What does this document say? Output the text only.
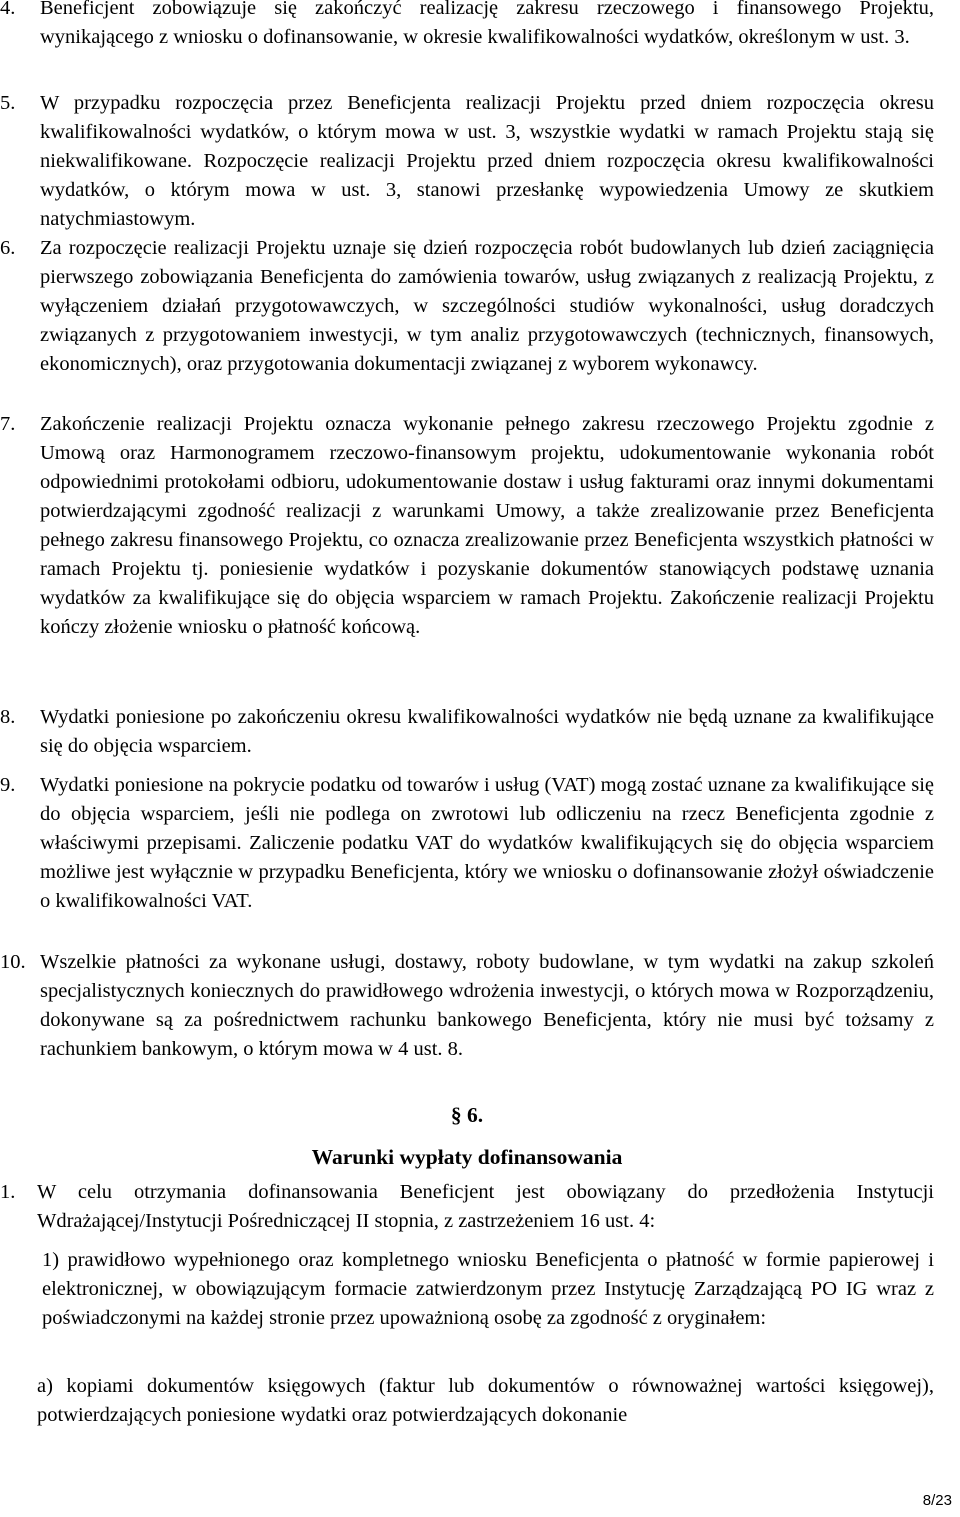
4. Beneficjent zobowiązuje się zakończyć realizację zakresu rzeczowego i finansowego Projektu, wynikającego z wniosku o dofinansowanie, w okresie kwalifikowalności wydatków, określonym w ust. 3.
5. W przypadku rozpoczęcia przez Beneficjenta realizacji Projektu przed dniem rozpoczęcia okresu kwalifikowalności wydatków, o którym mowa w ust. 3, wszystkie wydatki w ramach Projektu stają się niekwalifikowane. Rozpoczęcie realizacji Projektu przed dniem rozpoczęcia okresu kwalifikowalności wydatków, o którym mowa w ust. 3, stanowi przesłankę wypowiedzenia Umowy ze skutkiem natychmiastowym.
6. Za rozpoczęcie realizacji Projektu uznaje się dzień rozpoczęcia robót budowlanych lub dzień zaciągnięcia pierwszego zobowiązania Beneficjenta do zamówienia towarów, usług związanych z realizacją Projektu, z wyłączeniem działań przygotowawczych, w szczególności studiów wykonalności, usług doradczych związanych z przygotowaniem inwestycji, w tym analiz przygotowawczych (technicznych, finansowych, ekonomicznych), oraz przygotowania dokumentacji związanej z wyborem wykonawcy.
7. Zakończenie realizacji Projektu oznacza wykonanie pełnego zakresu rzeczowego Projektu zgodnie z Umową oraz Harmonogramem rzeczowo-finansowym projektu, udokumentowanie wykonania robót odpowiednimi protokołami odbioru, udokumentowanie dostaw i usług fakturami oraz innymi dokumentami potwierdzającymi zgodność realizacji z warunkami Umowy, a także zrealizowanie przez Beneficjenta pełnego zakresu finansowego Projektu, co oznacza zrealizowanie przez Beneficjenta wszystkich płatności w ramach Projektu tj. poniesienie wydatków i pozyskanie dokumentów stanowiących podstawę uznania wydatków za kwalifikujące się do objęcia wsparciem w ramach Projektu. Zakończenie realizacji Projektu kończy złożenie wniosku o płatność końcową.
8. Wydatki poniesione po zakończeniu okresu kwalifikowalności wydatków nie będą uznane za kwalifikujące się do objęcia wsparciem.
9. Wydatki poniesione na pokrycie podatku od towarów i usług (VAT) mogą zostać uznane za kwalifikujące się do objęcia wsparciem, jeśli nie podlega on zwrotowi lub odliczeniu na rzecz Beneficjenta zgodnie z właściwymi przepisami. Zaliczenie podatku VAT do wydatków kwalifikujących się do objęcia wsparciem możliwe jest wyłącznie w przypadku Beneficjenta, który we wniosku o dofinansowanie złożył oświadczenie o kwalifikowalności VAT.
10. Wszelkie płatności za wykonane usługi, dostawy, roboty budowlane, w tym wydatki na zakup szkoleń specjalistycznych koniecznych do prawidłowego wdrożenia inwestycji, o których mowa w Rozporządzeniu, dokonywane są za pośrednictwem rachunku bankowego Beneficjenta, który nie musi być tożsamy z rachunkiem bankowym, o którym mowa w 4 ust. 8.
§ 6.
Warunki wypłaty dofinansowania
1. W celu otrzymania dofinansowania Beneficjent jest obowiązany do przedłożenia Instytucji Wdrażającej/Instytucji Pośredniczącej II stopnia, z zastrzeżeniem 16 ust. 4:
1) prawidłowo wypełnionego oraz kompletnego wniosku Beneficjenta o płatność w formie papierowej i elektronicznej, w obowiązującym formacie zatwierdzonym przez Instytucję Zarządzającą PO IG wraz z poświadczonymi na każdej stronie przez upoważnioną osobę za zgodność z oryginałem:
a) kopiami dokumentów księgowych (faktur lub dokumentów o równoważnej wartości księgowej), potwierdzających poniesione wydatki oraz potwierdzających dokonanie
8/23
